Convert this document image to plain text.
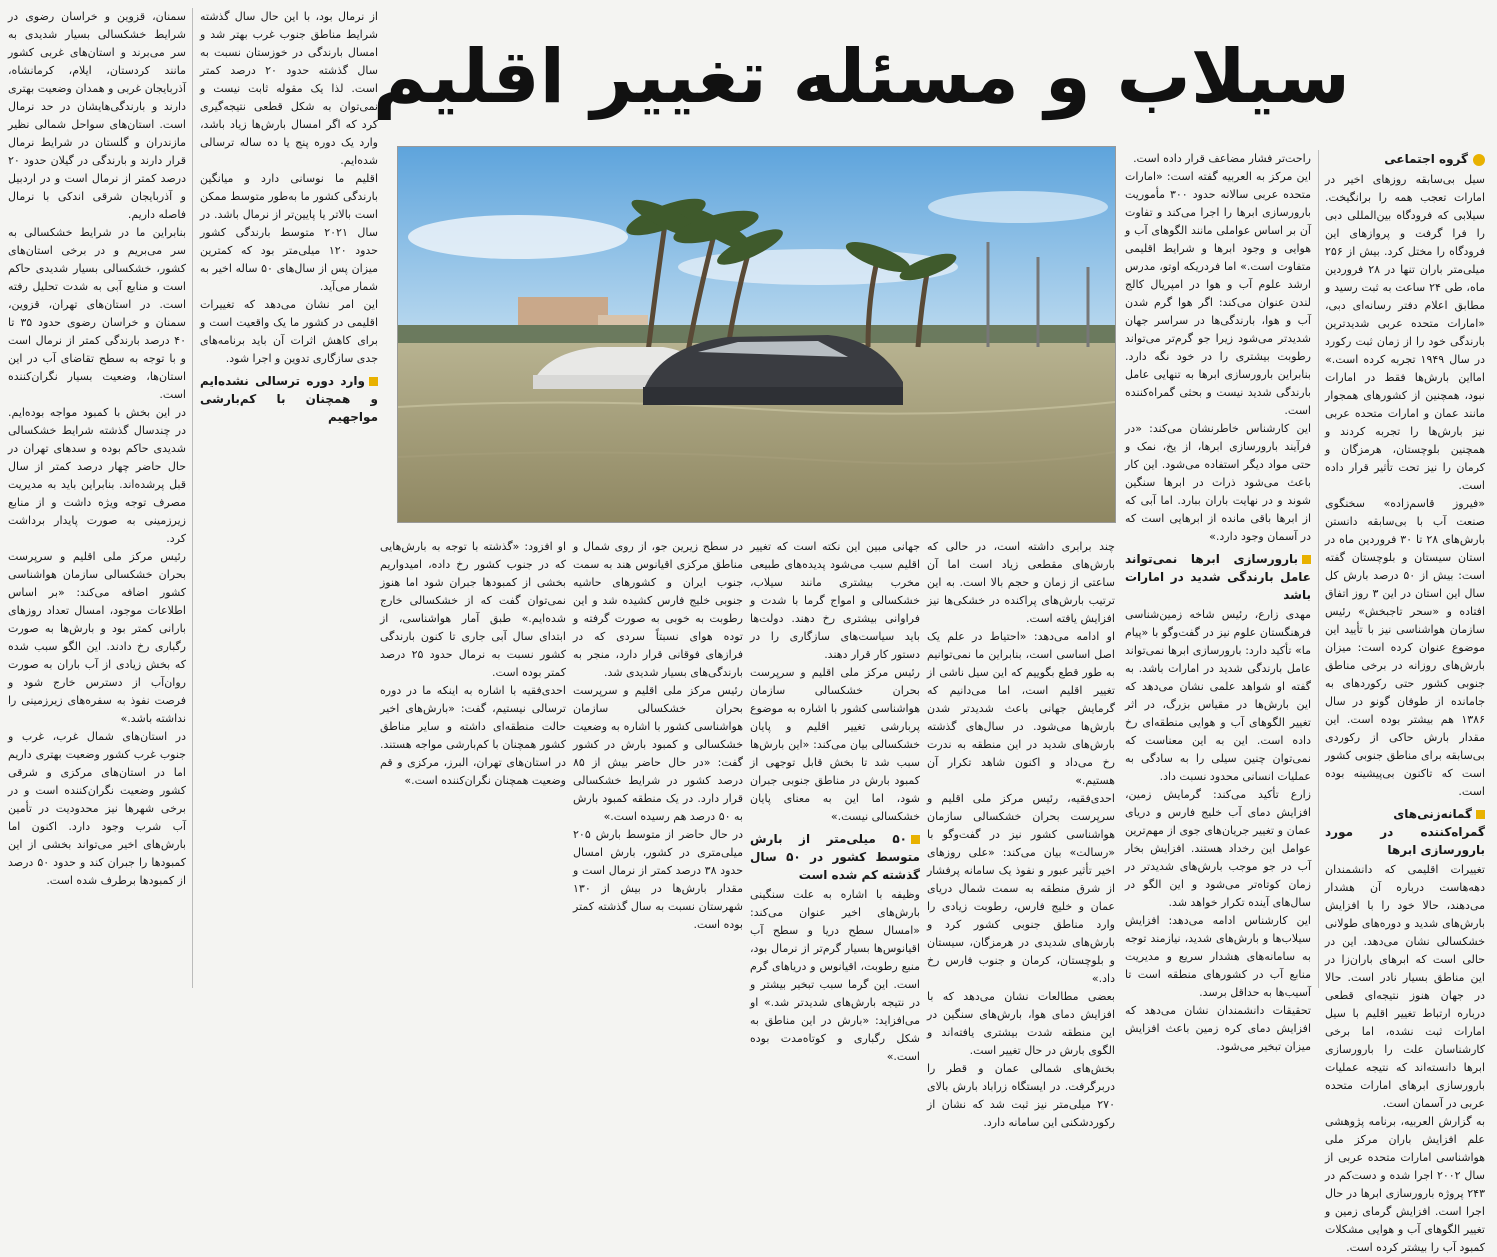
گروه اجتماعی

سیل بی‌سابقه روزهای اخیر در امارات تعجب همه را برانگیخت. سیلابی که فرودگاه بین‌المللی دبی را فرا گرفت و پروازهای این فرودگاه را مختل کرد. بیش از ۲۵۶ میلی‌متر باران تنها در ۲۸ فروردین ماه، طی ۲۴ ساعت به ثبت رسید و مطابق اعلام دفتر رسانه‌ای دبی، «امارات متحده عربی شدیدترین بارندگی خود را از زمان ثبت رکورد در سال ۱۹۴۹ تجربه کرده است.» امااین بارش‌ها فقط در امارات نبود، همچنین از کشورهای همجوار مانند عمان و امارات متحده عربی نیز بارش‌ها را تجربه کردند و همچنین بلوچستان، هرمزگان و کرمان را نیز تحت تأثیر قرار داده است.

«فیروز قاسم‌زاده» سخنگوی صنعت آب با بی‌سابقه دانستن بارش‌های ۲۸ تا ۳۰ فروردین ماه در استان سیستان و بلوچستان گفته است: بیش از ۵۰ درصد بارش کل سال این استان در این ۳ روز اتفاق افتاده و «سحر تاجبخش» رئیس سازمان هواشناسی نیز با تأیید این موضوع عنوان کرده است: میزان بارش‌های روزانه در برخی مناطق جنوبی کشور حتی رکوردهای به جامانده از طوفان گونو در سال ۱۳۸۶ هم بیشتر بوده است. این مقدار بارش حاکی از رکوردی بی‌سابقه برای مناطق جنوبی کشور است که تاکنون بی‌پیشینه بوده است.

گمانه‌زنی‌های گمراه‌کننده در مورد بارورسازی ابرها

تغییرات اقلیمی که دانشمندان دهه‌هاست درباره آن هشدار می‌دهند، حالا خود را با افزایش بارش‌های شدید و دوره‌های طولانی خشکسالی نشان می‌دهد. این در حالی است که ابرهای باران‌زا در این مناطق بسیار نادر است. حالا در جهان هنوز نتیجه‌ای قطعی درباره ارتباط تغییر اقلیم با سیل امارات ثبت نشده، اما برخی کارشناسان علت را بارورسازی ابرها دانسته‌اند که نتیجه عملیات بارورسازی ابرهای امارات متحده عربی در آسمان است.

به گزارش العربیه، برنامه پژوهشی علم افزایش باران مرکز ملی هواشناسی امارات متحده عربی از سال ۲۰۰۲ اجرا شده و دست‌کم در ۲۴۳ پروژه بارورسازی ابرها در حال اجرا است. افزایش گرمای زمین و تغییر الگوهای آب و هوایی مشکلات کمبود آب را بیشتر کرده است.

راحت‌تر فشار مضاعف قرار داده است.

این مرکز به العربیه گفته است: «امارات متحده عربی سالانه حدود ۳۰۰ مأموریت بارورسازی ابرها را اجرا می‌کند و تفاوت آن بر اساس عواملی مانند الگوهای آب و هوایی و وجود ابرها و شرایط اقلیمی متفاوت است.» اما فردریکه اوتو، مدرس ارشد علوم آب و هوا در امپریال کالج لندن عنوان می‌کند: اگر هوا گرم شدن آب و هوا، بارندگی‌ها در سراسر جهان شدیدتر می‌شود زیرا جو گرم‌تر می‌تواند رطوبت بیشتری را در خود نگه دارد. بنابراین بارورسازی ابرها به تنهایی عامل بارندگی شدید نیست و بحثی گمراه‌کننده است.

این کارشناس خاطرنشان می‌کند: «در فرآیند بارورسازی ابرها، از یخ، نمک و حتی مواد دیگر استفاده می‌شود. این کار باعث می‌شود ذرات در ابرها سنگین شوند و در نهایت باران ببارد. اما آبی که از ابرها باقی مانده از ابرهایی است که در آسمان وجود دارد.»

بارورسازی ابرها نمی‌تواند عامل بارندگی شدید در امارات باشد

مهدی زارع، رئیس شاخه زمین‌شناسی فرهنگستان علوم نیز در گفت‌وگو با «پیام ما» تأکید دارد: بارورسازی ابرها نمی‌تواند عامل بارندگی شدید در امارات باشد. به گفته او شواهد علمی نشان می‌دهد که این بارش‌ها در مقیاس بزرگ، در اثر تغییر الگوهای آب و هوایی منطقه‌ای رخ داده است. این به این معناست که نمی‌توان چنین سیلی را به سادگی به عملیات انسانی محدود نسبت داد.

زارع تأکید می‌کند: گرمایش زمین، افزایش دمای آب خلیج فارس و دریای عمان و تغییر جریان‌های جوی از مهم‌ترین عوامل این رخداد هستند. افزایش بخار آب در جو موجب بارش‌های شدیدتر در زمان کوتاه‌تر می‌شود و این الگو در سال‌های آینده تکرار خواهد شد.

این کارشناس ادامه می‌دهد: افزایش سیلاب‌ها و بارش‌های شدید، نیازمند توجه به سامانه‌های هشدار سریع و مدیریت منابع آب در کشورهای منطقه است تا آسیب‌ها به حداقل برسد.

تحقیقات دانشمندان نشان می‌دهد که افزایش دمای کره زمین باعث افزایش میزان تبخیر می‌شود.

سیلاب و مسئله تغییر اقلیم

چند برابری داشته است، در حالی که بارش‌های مقطعی زیاد است اما آن ساعتی از زمان و حجم بالا است. به این ترتیب بارش‌های پراکنده در خشکی‌ها نیز افزایش یافته است.

او ادامه می‌دهد: «احتیاط در علم یک اصل اساسی است، بنابراین ما نمی‌توانیم به طور قطع بگوییم که این سیل ناشی از تغییر اقلیم است، اما می‌دانیم که گرمایش جهانی باعث شدیدتر شدن بارش‌ها می‌شود. در سال‌های گذشته بارش‌های شدید در این منطقه به ندرت رخ می‌داد و اکنون شاهد تکرار آن هستیم.»

احدی‌فقیه، رئیس مرکز ملی اقلیم و سرپرست بحران خشکسالی سازمان هواشناسی کشور نیز در گفت‌وگو با «رسالت» بیان می‌کند: «علی روزهای اخیر تأثیر عبور و نفوذ یک سامانه پرفشار از شرق منطقه به سمت شمال دریای عمان و خلیج فارس، رطوبت زیادی را وارد مناطق جنوبی کشور کرد و بارش‌های شدیدی در هرمزگان، سیستان و بلوچستان، کرمان و جنوب فارس رخ داد.»

بعضی مطالعات نشان می‌دهد که با افزایش دمای هوا، بارش‌های سنگین در این منطقه شدت بیشتری یافته‌اند و الگوی بارش در حال تغییر است.

بخش‌های شمالی عمان و قطر را دربرگرفت. در ایستگاه زراباد بارش بالای ۲۷۰ میلی‌متر نیز ثبت شد که نشان از رکوردشکنی این سامانه دارد.

جهانی مبین این نکته است که تغییر اقلیم سبب می‌شود پدیده‌های طبیعی مخرب بیشتری مانند سیلاب، خشکسالی و امواج گرما با شدت و فراوانی بیشتری رخ دهند. دولت‌ها باید سیاست‌های سازگاری را در دستور کار قرار دهند.

رئیس مرکز ملی اقلیم و سرپرست بحران خشکسالی سازمان هواشناسی کشور با اشاره به موضوع پربارشی تغییر اقلیم و پایان خشکسالی بیان می‌کند: «این بارش‌ها سبب شد تا بخش قابل توجهی از کمبود بارش در مناطق جنوبی جبران شود، اما این به معنای پایان خشکسالی نیست.»

۵۰ میلی‌متر از بارش متوسط کشور در ۵۰ سال گذشته کم شده است

وظیفه با اشاره به علت سنگینی بارش‌های اخیر عنوان می‌کند: «امسال سطح دریا و سطح آب اقیانوس‌ها بسیار گرم‌تر از نرمال بود، منبع رطوبت، اقیانوس و دریاهای گرم است. این گرما سبب تبخیر بیشتر و در نتیجه بارش‌های شدیدتر شد.» او می‌افزاید: «بارش در این مناطق به شکل رگباری و کوتاه‌مدت بوده است.»

در سطح زیرین جو، از روی شمال و مناطق مرکزی اقیانوس هند به سمت جنوب ایران و کشورهای حاشیه جنوبی خلیج فارس کشیده شد و این رطوبت به خوبی به صورت گرفته و توده هوای نسبتاً سردی که در فرازهای فوقانی قرار دارد، منجر به بارندگی‌های بسیار شدیدی شد.

رئیس مرکز ملی اقلیم و سرپرست بحران خشکسالی سازمان هواشناسی کشور با اشاره به وضعیت خشکسالی و کمبود بارش در کشور گفت: «در حال حاضر بیش از ۸۵ درصد کشور در شرایط خشکسالی قرار دارد. در یک منطقه کمبود بارش به ۵۰ درصد هم رسیده است.»

در حال حاضر از متوسط بارش ۲۰۵ میلی‌متری در کشور، بارش امسال حدود ۳۸ درصد کمتر از نرمال است و مقدار بارش‌ها در بیش از ۱۳۰ شهرستان نسبت به سال گذشته کمتر بوده است.

او افزود: «گذشته با توجه به بارش‌هایی که در جنوب کشور رخ داده، امیدواریم بخشی از کمبودها جبران شود اما هنوز نمی‌توان گفت که از خشکسالی خارج شده‌ایم.» طبق آمار هواشناسی، از ابتدای سال آبی جاری تا کنون بارندگی کشور نسبت به نرمال حدود ۲۵ درصد کمتر بوده است.

احدی‌فقیه با اشاره به اینکه ما در دوره ترسالی نیستیم، گفت: «بارش‌های اخیر حالت منطقه‌ای داشته و سایر مناطق کشور همچنان با کم‌بارشی مواجه هستند. در استان‌های تهران، البرز، مرکزی و قم وضعیت همچنان نگران‌کننده است.»

از نرمال بود، با این حال سال گذشته شرایط مناطق جنوب غرب بهتر شد و امسال بارندگی در خوزستان نسبت به سال گذشته حدود ۲۰ درصد کمتر است. لذا یک مقوله ثابت نیست و نمی‌توان به شکل قطعی نتیجه‌گیری کرد که اگر امسال بارش‌ها زیاد باشد، وارد یک دوره پنج یا ده ساله ترسالی شده‌ایم.

اقلیم ما نوسانی دارد و میانگین بارندگی کشور ما به‌طور متوسط ممکن است بالاتر یا پایین‌تر از نرمال باشد. در سال ۲۰۲۱ متوسط بارندگی کشور حدود ۱۲۰ میلی‌متر بود که کمترین میزان پس از سال‌های ۵۰ ساله اخیر به شمار می‌آید.

این امر نشان می‌دهد که تغییرات اقلیمی در کشور ما یک واقعیت است و برای کاهش اثرات آن باید برنامه‌های جدی سازگاری تدوین و اجرا شود.

وارد دوره ترسالی نشده‌ایم و همچنان با کم‌بارشی مواجهیم

سمنان، قزوین و خراسان رضوی در شرایط خشکسالی بسیار شدیدی به سر می‌برند و استان‌های غربی کشور مانند کردستان، ایلام، کرمانشاه، آذربایجان غربی و همدان وضعیت بهتری دارند و بارندگی‌هایشان در حد نرمال است. استان‌های سواحل شمالی نظیر مازندران و گلستان در شرایط نرمال قرار دارند و بارندگی در گیلان حدود ۲۰ درصد کمتر از نرمال است و در اردبیل و آذربایجان شرقی اندکی با نرمال فاصله داریم.

بنابراین ما در شرایط خشکسالی به سر می‌بریم و در برخی استان‌های کشور، خشکسالی بسیار شدیدی حاکم است و منابع آبی به شدت تحلیل رفته است. در استان‌های تهران، قزوین، سمنان و خراسان رضوی حدود ۳۵ تا ۴۰ درصد بارندگی کمتر از نرمال است و با توجه به سطح تقاضای آب در این استان‌ها، وضعیت بسیار نگران‌کننده است.

در این بخش با کمبود مواجه بوده‌ایم. در چندسال گذشته شرایط خشکسالی شدیدی حاکم بوده و سدهای تهران در حال حاضر چهار درصد کمتر از سال قبل پرشده‌اند. بنابراین باید به مدیریت مصرف توجه ویژه داشت و از منابع زیرزمینی به صورت پایدار برداشت کرد.

رئیس مرکز ملی اقلیم و سرپرست بحران خشکسالی سازمان هواشناسی کشور اضافه می‌کند: «بر اساس اطلاعات موجود، امسال تعداد روزهای بارانی کمتر بود و بارش‌ها به صورت رگباری رخ دادند. این الگو سبب شده که بخش زیادی از آب باران به صورت روان‌آب از دسترس خارج شود و فرصت نفوذ به سفره‌های زیرزمینی را نداشته باشد.»

در استان‌های شمال غرب، غرب و جنوب غرب کشور وضعیت بهتری داریم اما در استان‌های مرکزی و شرقی کشور وضعیت نگران‌کننده است و در برخی شهرها نیز محدودیت در تأمین آب شرب وجود دارد. اکنون اما بارش‌های اخیر می‌تواند بخشی از این کمبودها را جبران کند و حدود ۵۰ درصد از کمبودها برطرف شده است.
